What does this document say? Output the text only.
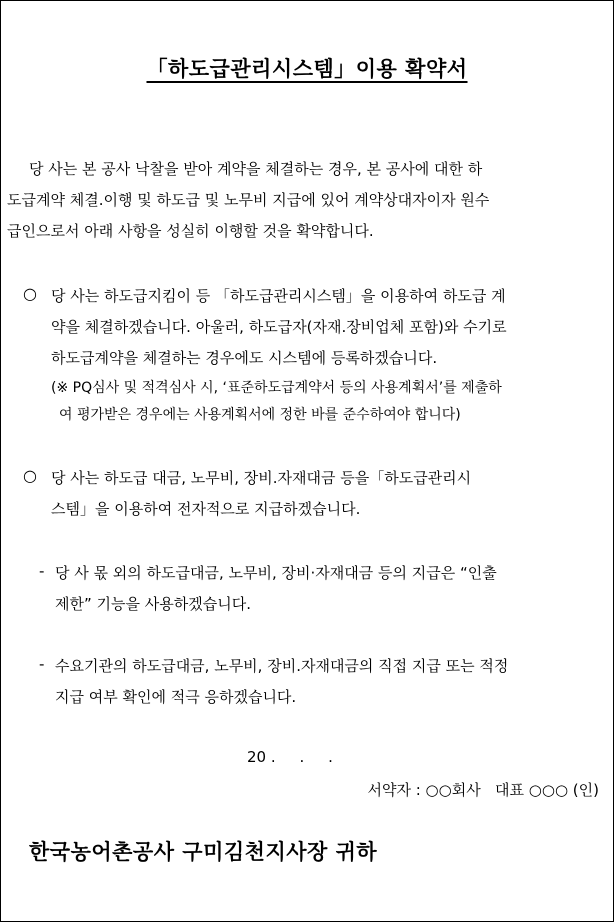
「하도급관리시스템」이용 확약서
당 사는 본 공사 낙찰을 받아 계약을 체결하는 경우, 본 공사에 대한 하
도급계약 체결.이행 및 하도급 및 노무비 지급에 있어 계약상대자이자 원수
급인으로서 아래 사항을 성실히 이행할 것을 확약합니다.
○ 당 사는 하도급지킴이 등 「하도급관리시스템」을 이용하여 하도급 계
약을 체결하겠습니다. 아울러, 하도급자(자재.장비업체 포함)와 수기로
하도급계약을 체결하는 경우에도 시스템에 등록하겠습니다.
(※ PQ심사 및 적격심사 시, ‘표준하도급계약서 등의 사용계획서’를 제출하
여 평가받은 경우에는 사용계획서에 정한 바를 준수하여야 합니다)
○ 당 사는 하도급 대금, 노무비, 장비.자재대금 등을「하도급관리시
스템」을 이용하여 전자적으로 지급하겠습니다.
- 당 사 몫 외의 하도급대금, 노무비, 장비·자재대금 등의 지급은 “인출
제한” 기능을 사용하겠습니다.
- 수요기관의 하도급대금, 노무비, 장비.자재대금의 직접 지급 또는 적정
지급 여부 확인에 적극 응하겠습니다.
20 .     .     .
서약자 : ○○회사   대표 ○○○ (인)
한국농어촌공사 구미김천지사장 귀하
